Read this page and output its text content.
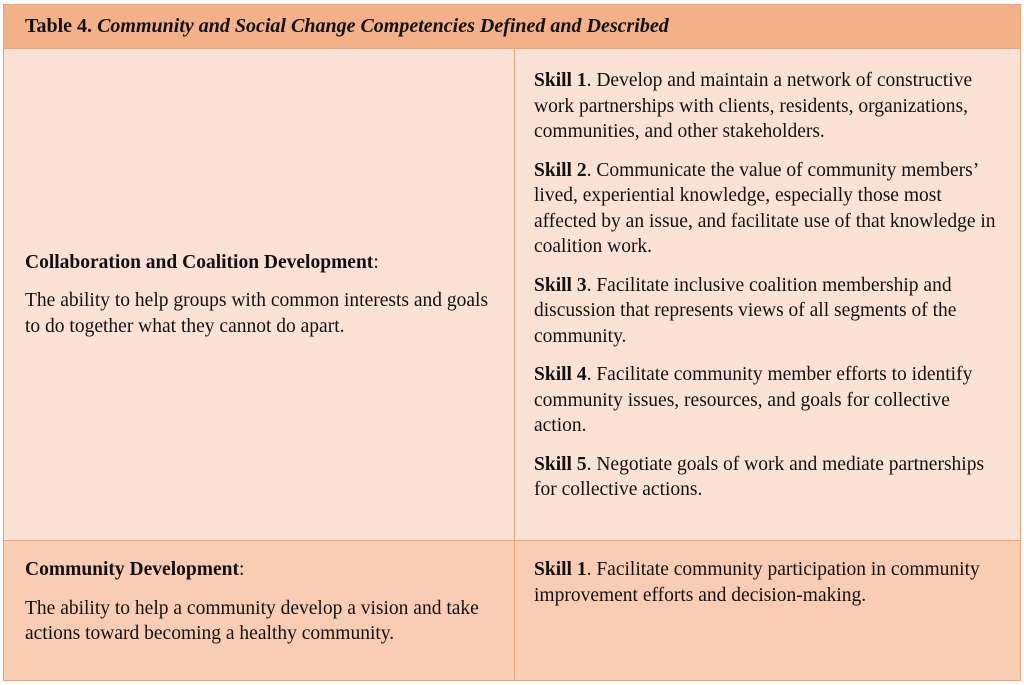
Table 4. Community and Social Change Competencies Defined and Described

Collaboration and Coalition Development:

The ability to help groups with common interests and goals to do together what they cannot do apart.

Skill 1. Develop and maintain a network of constructive work partnerships with clients, residents, organizations, communities, and other stakeholders.

Skill 2. Communicate the value of community members’ lived, experiential knowledge, especially those most affected by an issue, and facilitate use of that knowledge in coalition work.

Skill 3. Facilitate inclusive coalition membership and discussion that represents views of all segments of the community.

Skill 4. Facilitate community member efforts to identify community issues, resources, and goals for collective action.

Skill 5. Negotiate goals of work and mediate partnerships for collective actions.

Community Development:

The ability to help a community develop a vision and take actions toward becoming a healthy community.

Skill 1. Facilitate community participation in community improvement efforts and decision-making.
